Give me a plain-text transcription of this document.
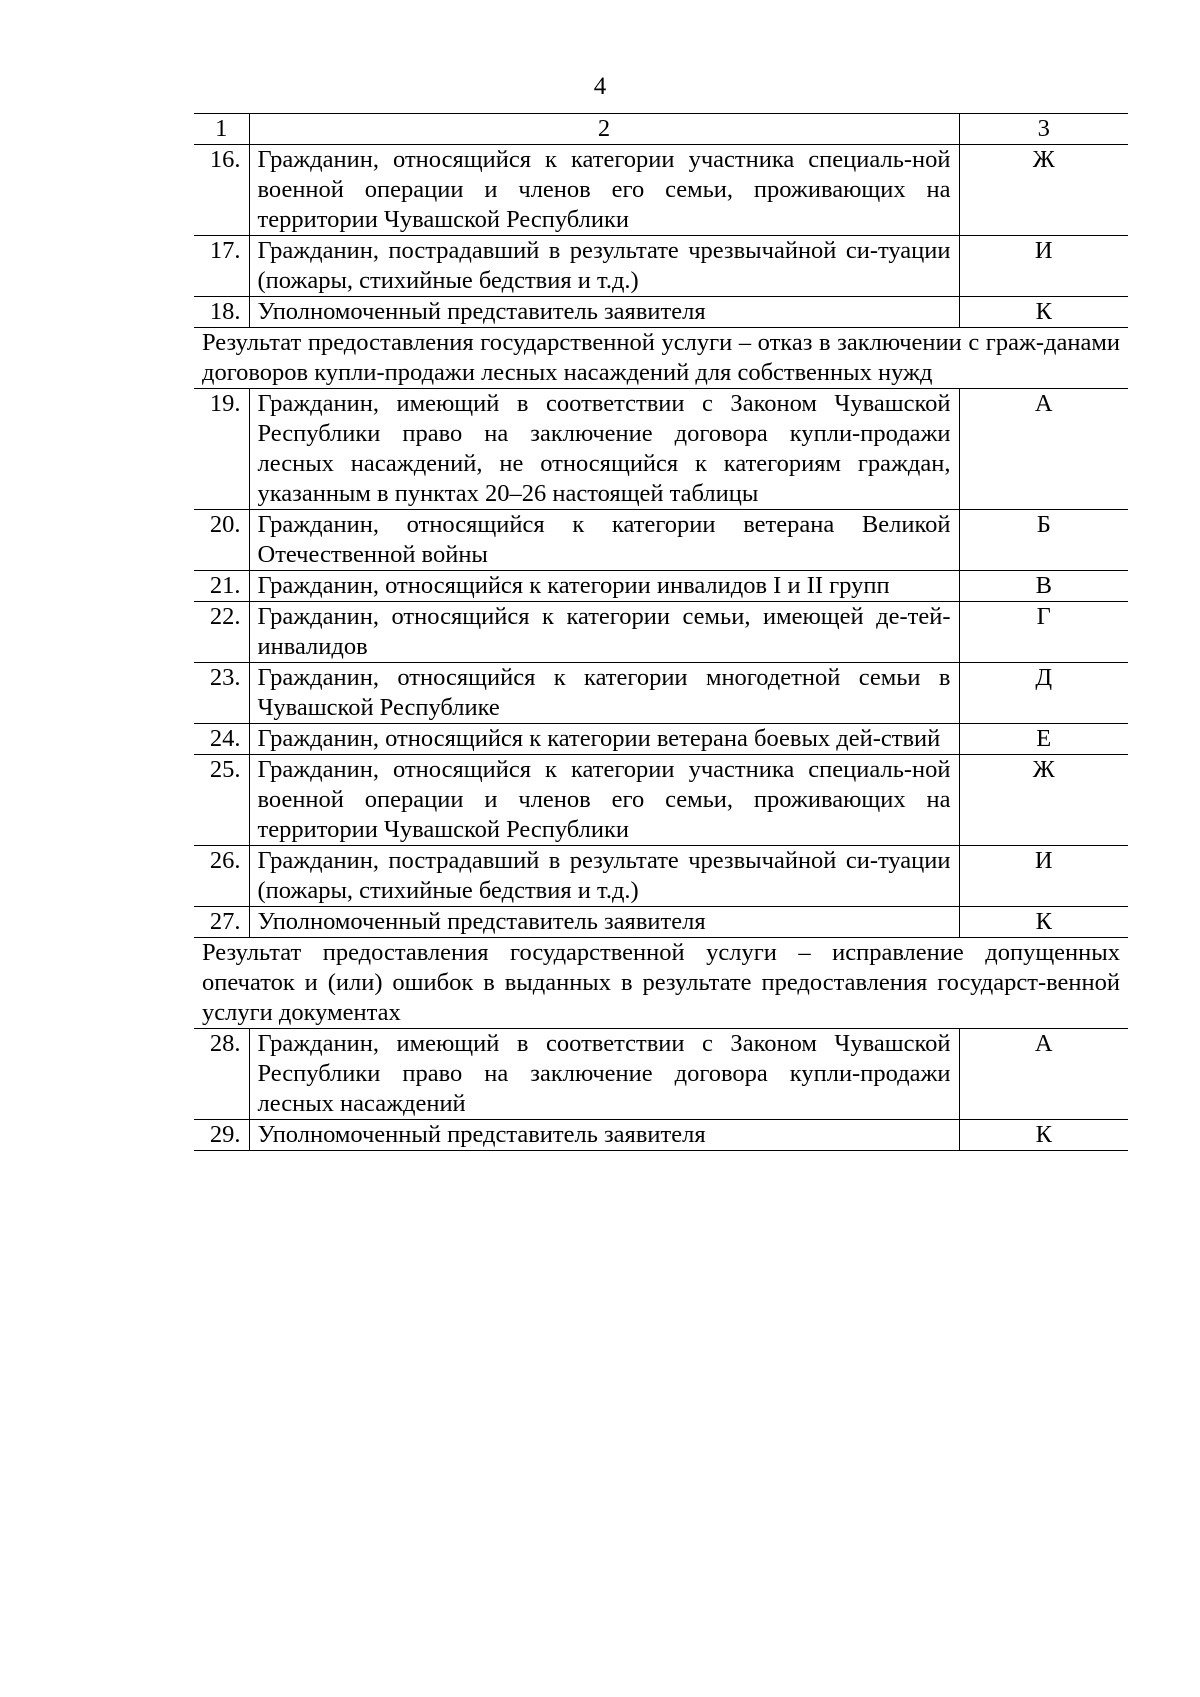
4
1	2	3
16.	Гражданин, относящийся к категории участника специаль-ной военной операции и членов его семьи, проживающих на территории Чувашской Республики	Ж
17.	Гражданин, пострадавший в результате чрезвычайной си-туации (пожары, стихийные бедствия и т.д.)	И
18.	Уполномоченный представитель заявителя	К
Результат предоставления государственной услуги – отказ в заключении с граж-данами договоров купли-продажи лесных насаждений для собственных нужд		
19.	Гражданин, имеющий в соответствии с Законом Чувашской Республики право на заключение договора купли-продажи лесных насаждений, не относящийся к категориям граждан, указанным в пунктах 20–26 настоящей таблицы	А
20.	Гражданин, относящийся к категории ветерана Великой Отечественной войны	Б
21.	Гражданин, относящийся к категории инвалидов I и II групп	В
22.	Гражданин, относящийся к категории семьи, имеющей де-тей-инвалидов	Г
23.	Гражданин, относящийся к категории многодетной семьи в Чувашской Республике	Д
24.	Гражданин, относящийся к категории ветерана боевых дей-ствий	Е
25.	Гражданин, относящийся к категории участника специаль-ной военной операции и членов его семьи, проживающих на территории Чувашской Республики	Ж
26.	Гражданин, пострадавший в результате чрезвычайной си-туации (пожары, стихийные бедствия и т.д.)	И
27.	Уполномоченный представитель заявителя	К
Результат предоставления государственной услуги – исправление допущенных опечаток и (или) ошибок в выданных в результате предоставления государст-венной услуги документах		
28.	Гражданин, имеющий в соответствии с Законом Чувашской Республики право на заключение договора купли-продажи лесных насаждений	А
29.	Уполномоченный представитель заявителя	К
